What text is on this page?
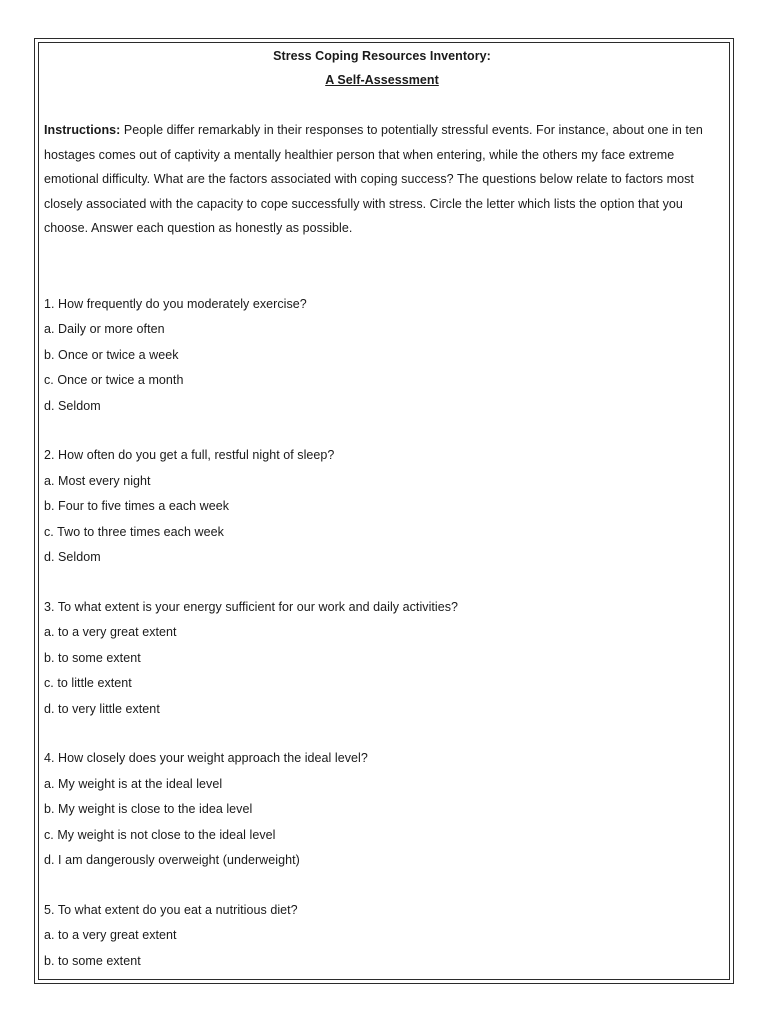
Stress Coping Resources Inventory:

A Self-Assessment

Instructions: People differ remarkably in their responses to potentially stressful events. For instance, about one in ten hostages comes out of captivity a mentally healthier person that when entering, while the others my face extreme emotional difficulty. What are the factors associated with coping success? The questions below relate to factors most closely associated with the capacity to cope successfully with stress. Circle the letter which lists the option that you choose. Answer each question as honestly as possible.

1. How frequently do you moderately exercise?
a. Daily or more often
b. Once or twice a week
c. Once or twice a month
d. Seldom
2. How often do you get a full, restful night of sleep?
a. Most every night
b. Four to five times a each week
c. Two to three times each week
d. Seldom
3. To what extent is your energy sufficient for our work and daily activities?
a. to a very great extent
b. to some extent
c. to little extent
d. to very little extent
4. How closely does your weight approach the ideal level?
a. My weight is at the ideal level
b. My weight is close to the idea level
c. My weight is not close to the ideal level
d. I am dangerously overweight (underweight)
5. To what extent do you eat a nutritious diet?
a. to a very great extent
b. to some extent
